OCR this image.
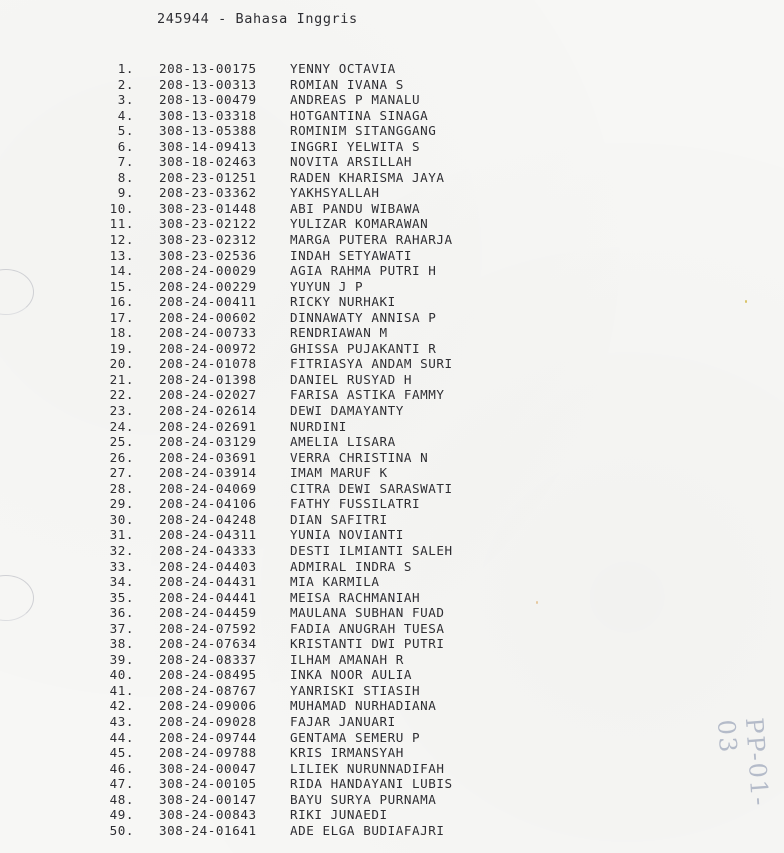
245944 - Bahasa Inggris
1. 208-13-00175	YENNY OCTAVIA
2. 208-13-00313	ROMIAN IVANA S
3. 208-13-00479	ANDREAS P MANALU
4. 308-13-03318	HOTGANTINA SINAGA
5. 308-13-05388	ROMINIM SITANGGANG
6. 308-14-09413	INGGRI YELWITA S
7. 308-18-02463	NOVITA ARSILLAH
8. 208-23-01251	RADEN KHARISMA JAYA
9. 208-23-03362	YAKHSYALLAH
10. 308-23-01448	ABI PANDU WIBAWA
11. 308-23-02122	YULIZAR KOMARAWAN
12. 308-23-02312	MARGA PUTERA RAHARJA
13. 308-23-02536	INDAH SETYAWATI
14. 208-24-00029	AGIA RAHMA PUTRI H
15. 208-24-00229	YUYUN J P
16. 208-24-00411	RICKY NURHAKI
17. 208-24-00602	DINNAWATY ANNISA P
18. 208-24-00733	RENDRIAWAN M
19. 208-24-00972	GHISSA PUJAKANTI R
20. 208-24-01078	FITRIASYA ANDAM SURI
21. 208-24-01398	DANIEL RUSYAD H
22. 208-24-02027	FARISA ASTIKA FAMMY
23. 208-24-02614	DEWI DAMAYANTY
24. 208-24-02691	NURDINI
25. 208-24-03129	AMELIA LISARA
26. 208-24-03691	VERRA CHRISTINA N
27. 208-24-03914	IMAM MARUF K
28. 208-24-04069	CITRA DEWI SARASWATI
29. 208-24-04106	FATHY FUSSILATRI
30. 208-24-04248	DIAN SAFITRI
31. 208-24-04311	YUNIA NOVIANTI
32. 208-24-04333	DESTI ILMIANTI SALEH
33. 208-24-04403	ADMIRAL INDRA S
34. 208-24-04431	MIA KARMILA
35. 208-24-04441	MEISA RACHMANIAH
36. 208-24-04459	MAULANA SUBHAN FUAD
37. 208-24-07592	FADIA ANUGRAH TUESA
38. 208-24-07634	KRISTANTI DWI PUTRI
39. 208-24-08337	ILHAM AMANAH R
40. 208-24-08495	INKA NOOR AULIA
41. 208-24-08767	YANRISKI STIASIH
42. 208-24-09006	MUHAMAD NURHADIANA
43. 208-24-09028	FAJAR JANUARI
44. 208-24-09744	GENTAMA SEMERU P
45. 208-24-09788	KRIS IRMANSYAH
46. 308-24-00047	LILIEK NURUNNADIFAH
47. 308-24-00105	RIDA HANDAYANI LUBIS
48. 308-24-00147	BAYU SURYA PURNAMA
49. 308-24-00843	RIKI JUNAEDI
50. 308-24-01641	ADE ELGA BUDIAFAJRI
PP-01-03
